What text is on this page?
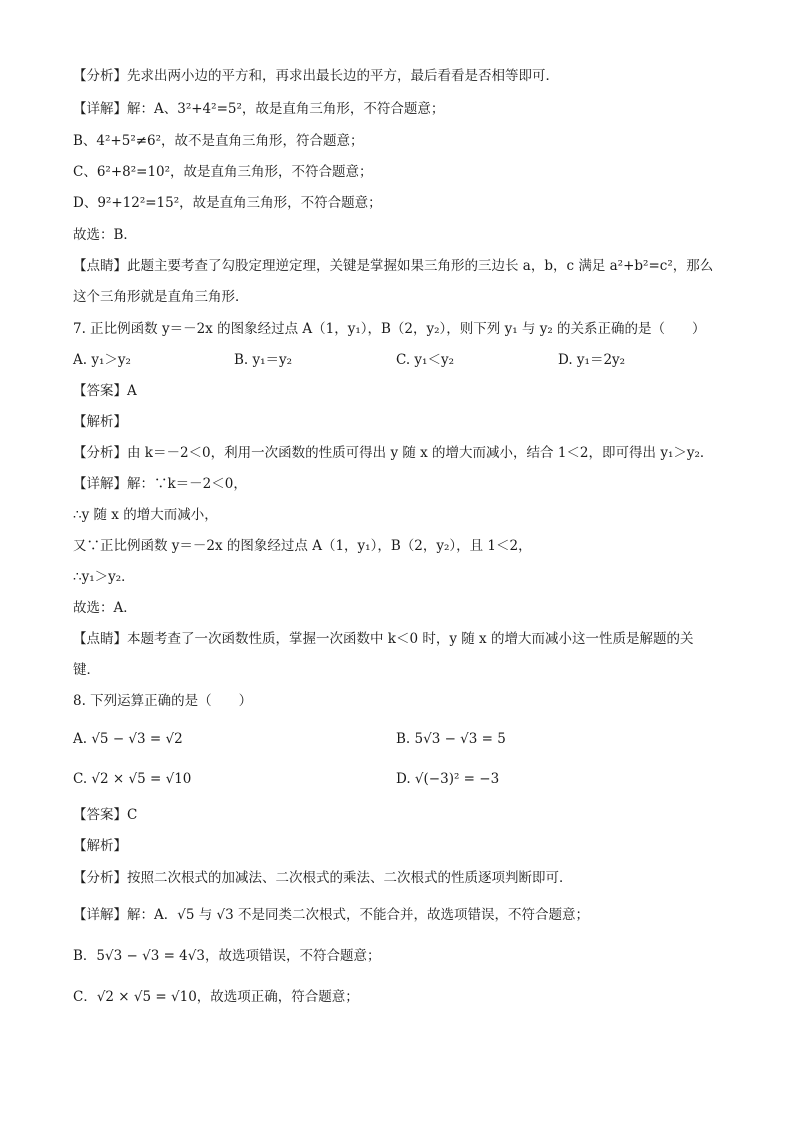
【分析】先求出两小边的平方和，再求出最长边的平方，最后看看是否相等即可．
【详解】解：A、3²+4²=5²，故是直角三角形，不符合题意；
B、4²+5²≠6²，故不是直角三角形，符合题意；
C、6²+8²=10²，故是直角三角形，不符合题意；
D、9²+12²=15²，故是直角三角形，不符合题意；
故选：B．
【点睛】此题主要考查了勾股定理逆定理，关键是掌握如果三角形的三边长 a，b，c 满足 a²+b²=c²，那么
这个三角形就是直角三角形．
7. 正比例函数 y＝－2x 的图象经过点 A（1，y₁），B（2，y₂），则下列 y₁ 与 y₂ 的关系正确的是（　　）
A. y₁＞y₂	B. y₁＝y₂	C. y₁＜y₂	D. y₁＝2y₂
【答案】A
【解析】
【分析】由 k＝－2＜0，利用一次函数的性质可得出 y 随 x 的增大而减小，结合 1＜2，即可得出 y₁＞y₂．
【详解】解：∵k＝－2＜0，
∴y 随 x 的增大而减小，
又∵正比例函数 y＝－2x 的图象经过点 A（1，y₁），B（2，y₂），且 1＜2，
∴y₁＞y₂．
故选：A．
【点睛】本题考查了一次函数性质，掌握一次函数中 k＜0 时，y 随 x 的增大而减小这一性质是解题的关
键．
8. 下列运算正确的是（　　）
A. √5 − √3 = √2	B. 5√3 − √3 = 5
C. √2 × √5 = √10	D. √(−3)² = −3
【答案】C
【解析】
【分析】按照二次根式的加减法、二次根式的乘法、二次根式的性质逐项判断即可．
【详解】解：A．√5 与 √3 不是同类二次根式，不能合并，故选项错误，不符合题意；
B．5√3 − √3 = 4√3，故选项错误，不符合题意；
C．√2 × √5 = √10，故选项正确，符合题意；
